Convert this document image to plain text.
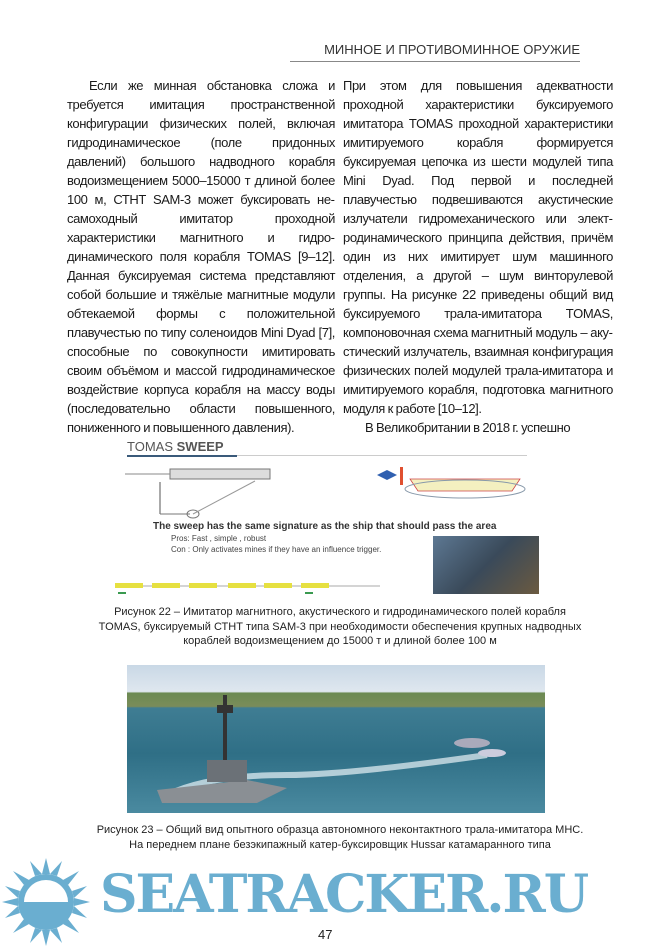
МИННОЕ И ПРОТИВОМИННОЕ ОРУЖИЕ

Если же минная обстановка сложa и требуется имитация пространственной конфигурации физических полей, включая гидродинамическое (поле придонных давлений) большого надводного корабля водоизмещением 5000–15000 т длиной более 100 м, СТНТ SAM-3 может буксировать несамоходный имитатор проходной характеристики магнитного и гидродинамического поля корабля TOMAS [9–12]. Данная буксируемая система представляют собой большие и тяжёлые магнитные модули обтекаемой формы с положительной плавучестью по типу соленоидов Mini Dyad [7], способные по совокупности имитировать своим объёмом и массой гидродинамическое воздействие корпуса корабля на массу воды (последовательно области повышенного, пониженного и повышенного давления).

При этом для повышения адекватности проходной характеристики буксируемого имитатора TOMAS проходной характеристики имитируемого корабля формируется буксируемая цепочка из шести модулей типа Mini Dyad. Под первой и последней плавучестью подвешиваются акустические излучатели гидромеханического или электродинамического принципа действия, причём один из них имитирует шум машинного отделения, а другой – шум винторулевой группы. На рисунке 22 приведены общий вид буксируемого трала-имитатора TOMAS, компоновочная схема магнитный модуль – акустический излучатель, взаимная конфигурация физических полей модулей трала-имитатора и имитируемого корабля, подготовка магнитного модуля к работе [10–12].

В Великобритании в 2018 г. успешно

TOMAS SWEEP
The sweep has the same signature as the ship that should pass the area
Pros: Fast , simple , robust
Con : Only activates mines if they have an influence trigger.
Рисунок 22 – Имитатор магнитного, акустического и гидродинамического полей корабля
TOMAS, буксируемый СТНТ типа SAM-3 при необходимости обеспечения крупных надводных
кораблей водоизмещением до 15000 т и длиной более 100 м
Рисунок 23 – Общий вид опытного образца автономного неконтактного трала-имитатора МНС.
На переднем плане безэкипажный катер-буксировщик Hussar катамаранного типа
SEATRACKER.RU
47
